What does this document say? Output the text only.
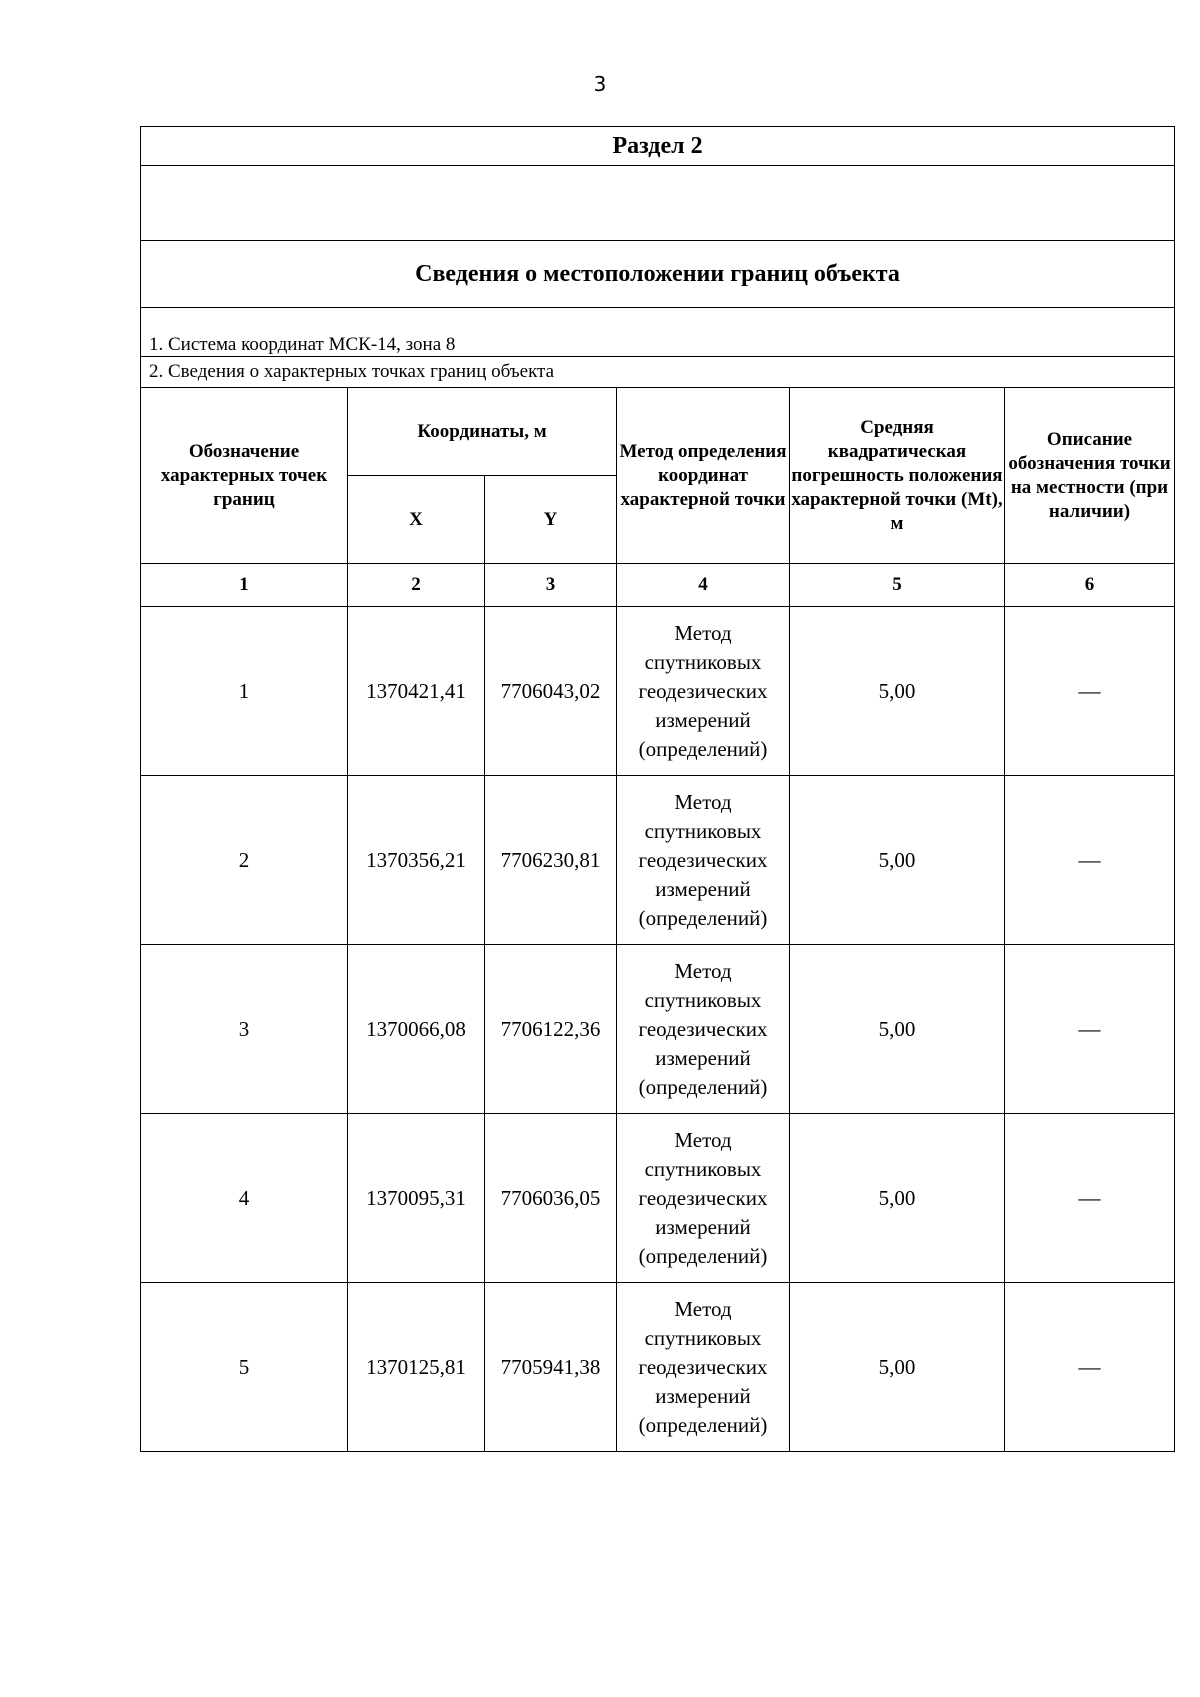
3
Раздел 2					

Сведения о местоположении границ объекта					

1. Система координат МСК-14, зона 8					
2. Сведения о характерных точках границ объекта					
Обозначение характерных точек границ	Координаты, м		Метод определения координат характерной точки	Средняя квадратическая погрешность положения характерной точки (Mt), м	Описание обозначения точки на местности (при наличии)
	X	Y			
1	2	3	4	5	6
1	1370421,41	7706043,02	Метод спутниковых геодезических измерений (определений)	5,00	—
2	1370356,21	7706230,81	Метод спутниковых геодезических измерений (определений)	5,00	—
3	1370066,08	7706122,36	Метод спутниковых геодезических измерений (определений)	5,00	—
4	1370095,31	7706036,05	Метод спутниковых геодезических измерений (определений)	5,00	—
5	1370125,81	7705941,38	Метод спутниковых геодезических измерений (определений)	5,00	—
